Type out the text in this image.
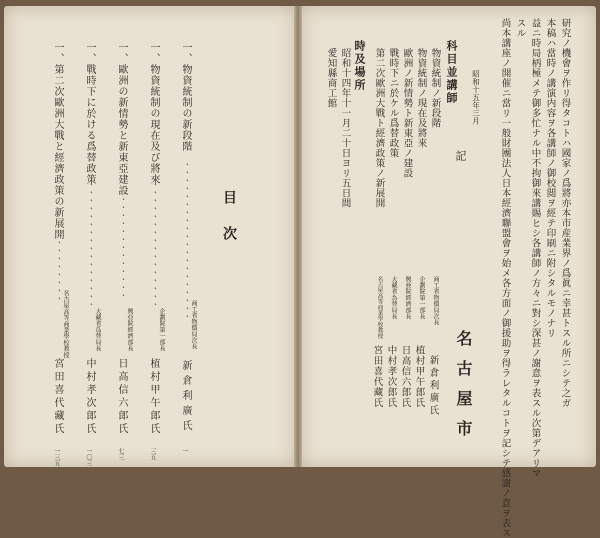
研究ノ機會ヲ作リ得タコトハ國家ノ爲將亦本市産業界ノ爲眞ニ幸甚トスル所ニシテ之ガ
本稿ハ當時ノ講演内容ヲ各講師ノ御校閲ヲ經テ印刷ニ附シタルモノナリ
益ニ時局柄極メテ御多忙ナル中不拘御來講賜ヒシ各講師ノ方々ニ對シ深甚ノ謝意ヲ表スル次第デアリマ
スル
尚本講座ノ開催ニ當リ一般財團法人日本經濟聯盟會ヲ始メ各方面ノ御援助ヲ得ラレタルコトヲ記シテ感謝ノ意ヲ表ス
昭和十五年三月
記
名古屋市
科目並講師
物資統制ノ新段階
物資統制ノ現在及將來
歐洲ノ新情勢ト新東亞ノ建設
戰時下ニ於ケル爲替政策
第二次歐洲大戰ト經濟政策ノ新展開
商工省物價局次長
新倉利廣氏
企劃院第一部長
植村甲午郎氏
興亜院經濟部長
日高信六郎氏
大藏省為替局長
中村孝次郎氏
名古屋高等商業學校教授
宮田喜代藏氏
時及場所
昭和十四年十一月二十日ヨリ五日間
愛知縣商工館
目次
一、
物資統制の新段階
・・・・・・・・・・・・・・・・・・・・
商工省物價局次長
新倉利廣氏
一
一、
物資統制の現在及び將來
・・・・・・・・・・・・・・・・
企劃院第一部長
植村甲午郎氏
三五
一、
歐洲の新情勢と新東亞建設
・・・・・・・・・・・・・
興亞院經濟部長
日高信六郎氏
七三
一、
戰時下に於ける爲替政策
・・・・・・・・・・・・・・・・
大藏省爲替局長
中村孝次郎氏
一〇三
一、
第二次歐洲大戰と經濟政策の新展開
・・・・・・・・
名古屋高等商業學校教授
宮田喜代藏氏
一三五
